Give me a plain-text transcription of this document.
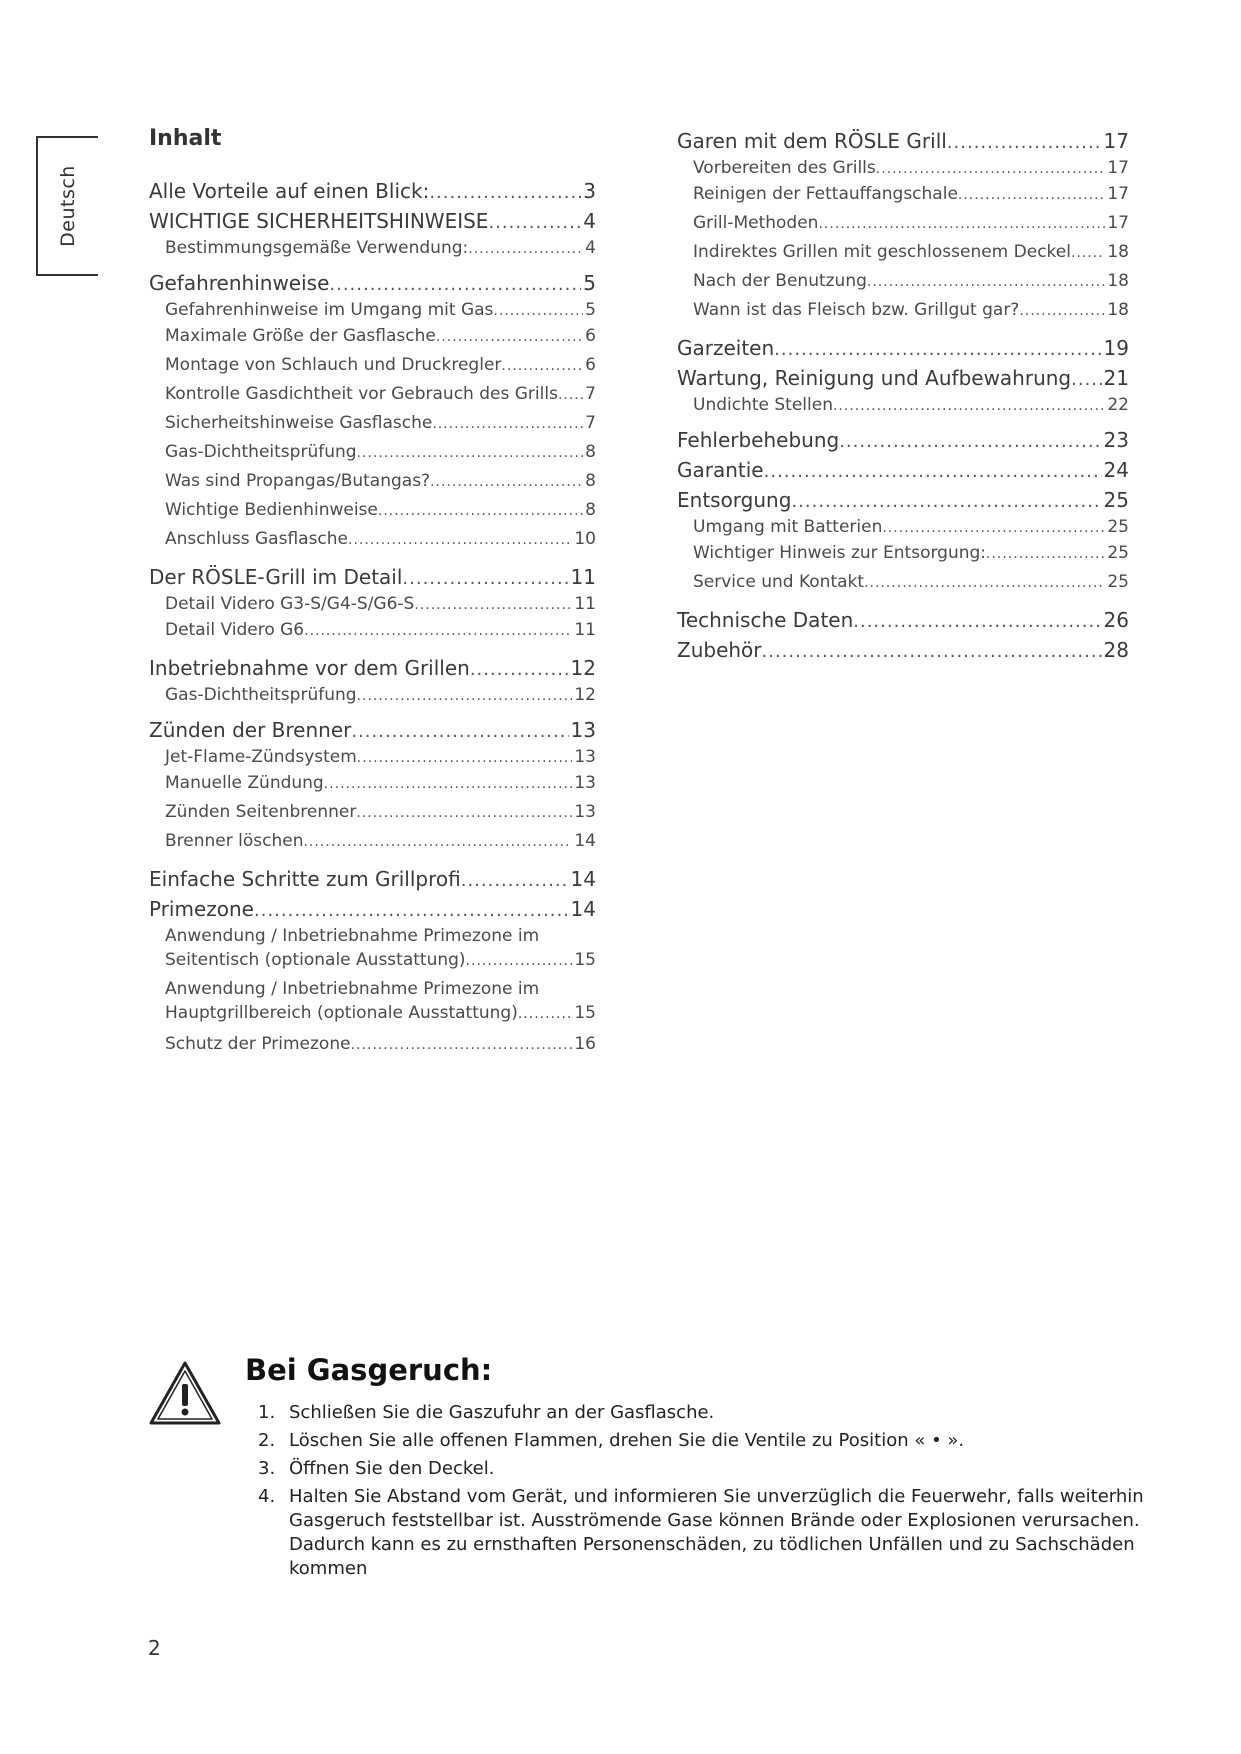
Deutsch
Inhalt
Alle Vorteile auf einen Blick: .....	3
WICHTIGE SICHERHEITSHINWEISE .....	4
Bestimmungsgemäße Verwendung: .....	4
Gefahrenhinweise .....	5
Gefahrenhinweise im Umgang mit Gas .....	5
Maximale Größe der Gasflasche .....	6
Montage von Schlauch und Druckregler .....	6
Kontrolle Gasdichtheit vor Gebrauch des Grills ..... 7
Sicherheitshinweise Gasflasche .....	7
Gas-Dichtheitsprüfung .....	8
Was sind Propangas/Butangas? .....	8
Wichtige Bedienhinweise .....	8
Anschluss Gasflasche .....	10
Der RÖSLE-Grill im Detail .....	11
Detail Videro G3-S/G4-S/G6-S .....	11
Detail Videro G6 .....	11
Inbetriebnahme vor dem Grillen .....	12
Gas-Dichtheitsprüfung .....	12
Zünden der Brenner .....	13
Jet-Flame-Zündsystem .....	13
Manuelle Zündung .....	13
Zünden Seitenbrenner .....	13
Brenner löschen .....	14
Einfache Schritte zum Grillprofi .....	14
Primezone .....	14
Anwendung / Inbetriebnahme Primezone im
Seitentisch (optionale Ausstattung) .....	15
Anwendung / Inbetriebnahme Primezone im
Hauptgrillbereich (optionale Ausstattung) .....	15
Schutz der Primezone .....	16
Garen mit dem RÖSLE Grill .....	17
Vorbereiten des Grills .....	17
Reinigen der Fettauffangschale .....	17
Grill-Methoden .....	17
Indirektes Grillen mit geschlossenem Deckel ..... 18
Nach der Benutzung .....	18
Wann ist das Fleisch bzw. Grillgut gar? .....	18
Garzeiten .....	19
Wartung, Reinigung und Aufbewahrung ..... 21
Undichte Stellen .....	22
Fehlerbehebung .....	23
Garantie .....	24
Entsorgung .....	25
Umgang mit Batterien .....	25
Wichtiger Hinweis zur Entsorgung: .....	25
Service und Kontakt .....	25
Technische Daten .....	26
Zubehör .....	28
Bei Gasgeruch:
1. Schließen Sie die Gaszufuhr an der Gasflasche.
2. Löschen Sie alle offenen Flammen, drehen Sie die Ventile zu Position « • ».
3. Öffnen Sie den Deckel.
4. Halten Sie Abstand vom Gerät, und informieren Sie unverzüglich die Feuerwehr, falls weiterhin Gasgeruch feststellbar ist. Ausströmende Gase können Brände oder Explosionen verursachen. Dadurch kann es zu ernsthaften Personenschäden, zu tödlichen Unfällen und zu Sachschäden kommen
2
